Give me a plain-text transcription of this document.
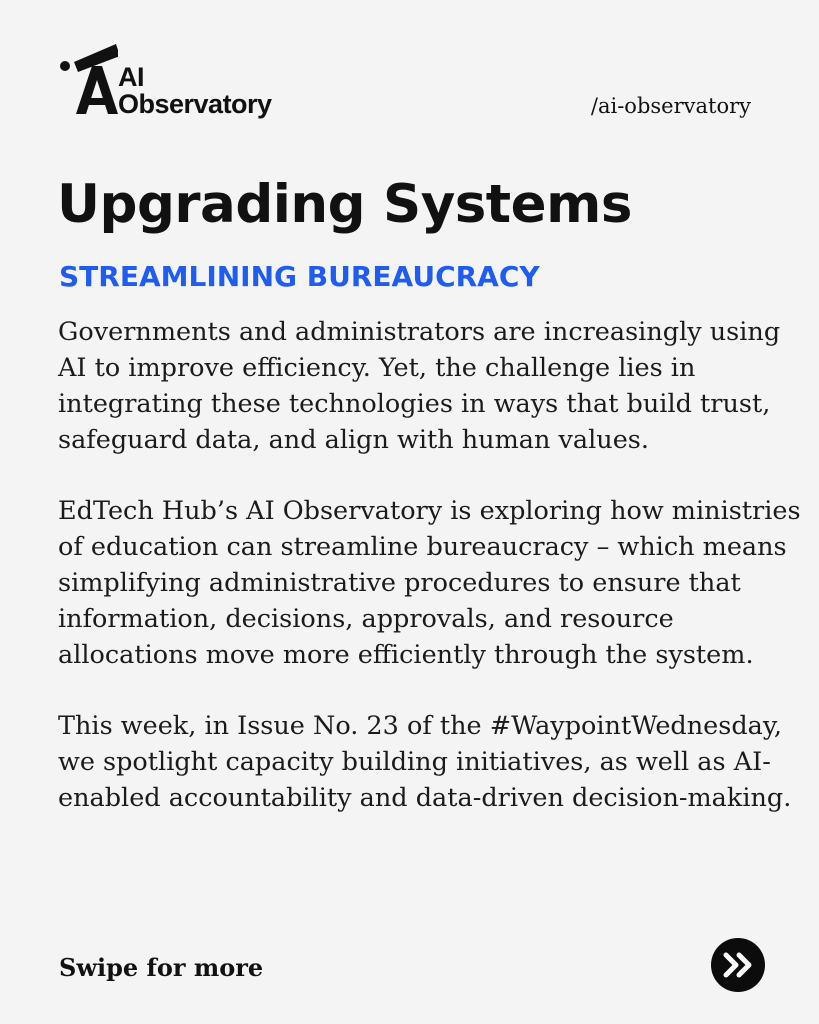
AI
Observatory	/ai-observatory
Upgrading Systems
STREAMLINING BUREAUCRACY

Governments and administrators are increasingly using AI to improve efficiency. Yet, the challenge lies in integrating these technologies in ways that build trust, safeguard data, and align with human values.

EdTech Hub’s AI Observatory is exploring how ministries of education can streamline bureaucracy – which means simplifying administrative procedures to ensure that information, decisions, approvals, and resource allocations move more efficiently through the system.

This week, in Issue No. 23 of the #WaypointWednesday, we spotlight capacity building initiatives, as well as AI-enabled accountability and data-driven decision-making.

Swipe for more
